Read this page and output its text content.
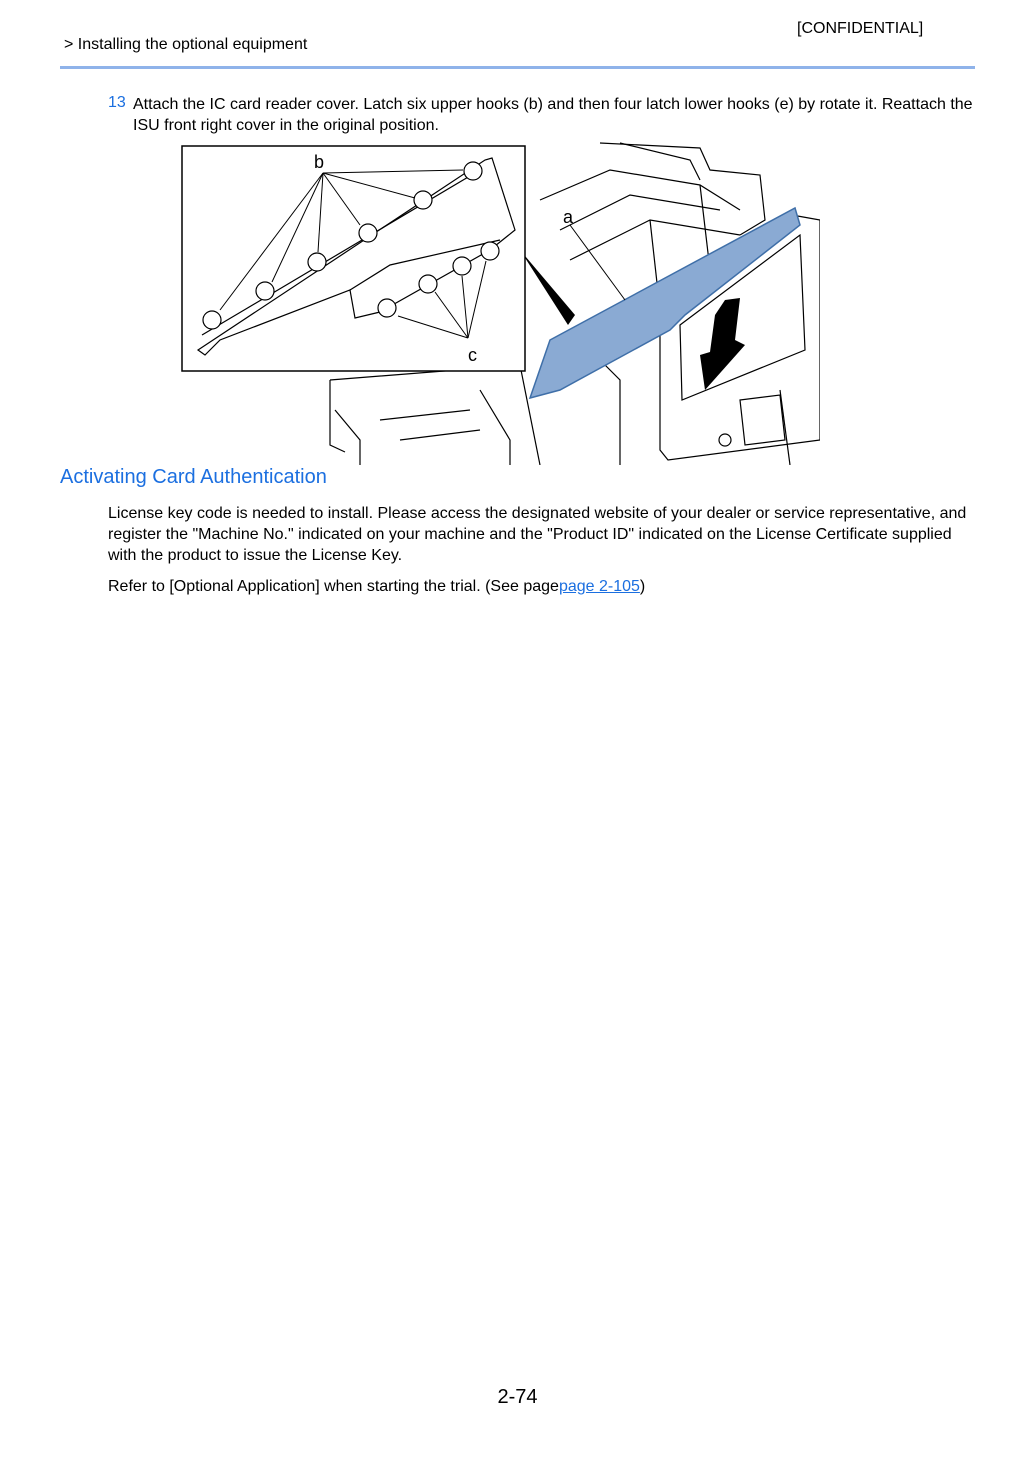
[CONFIDENTIAL]
> Installing the optional equipment
13 Attach the IC card reader cover. Latch six upper hooks (b) and then four latch lower hooks (e) by rotate it. Reattach the ISU front right cover in the original position.
a
b
c
Activating Card Authentication
License key code is needed to install. Please access the designated website of your dealer or service representative, and register the "Machine No." indicated on your machine and the "Product ID" indicated on the License Certificate supplied with the product to issue the License Key.
Refer to [Optional Application] when starting the trial. (See pagepage 2-105)
2-74
